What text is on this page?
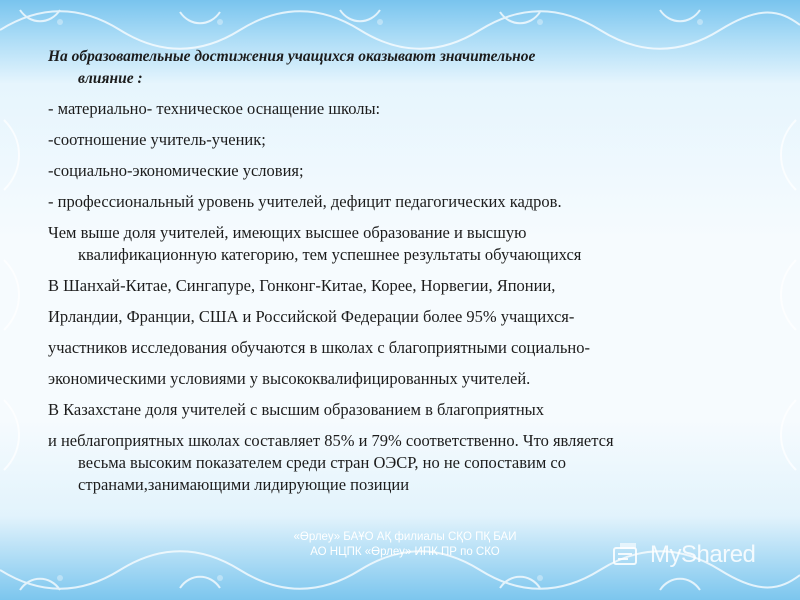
На образовательные достижения учащихся оказывают значительное
влияние :
- материально- техническое оснащение школы:
-соотношение учитель-ученик;
-социально-экономические условия;
- профессиональный уровень учителей, дефицит педагогических кадров.
Чем выше доля учителей, имеющих высшее образование и высшую
квалификационную категорию, тем успешнее результаты обучающихся
В Шанхай-Китае, Сингапуре, Гонконг-Китае, Корее, Норвегии, Японии,
Ирландии, Франции, США и Российской Федерации более 95% учащихся-
участников исследования обучаются в школах с благоприятными социально-
экономическими условиями у высококвалифицированных учителей.
В Казахстане доля учителей с высшим образованием в благоприятных
и неблагоприятных школах составляет 85% и 79% соответственно. Что является
весьма высоким показателем среди стран ОЭСР, но не сопоставим со
странами,занимающими лидирующие позиции
«Өрлеу» БАҰО АҚ филиалы СҚО ПҚ БАИ
АО НЦПК «Өрлеу» ИПК ПР по СКО	MyShared
